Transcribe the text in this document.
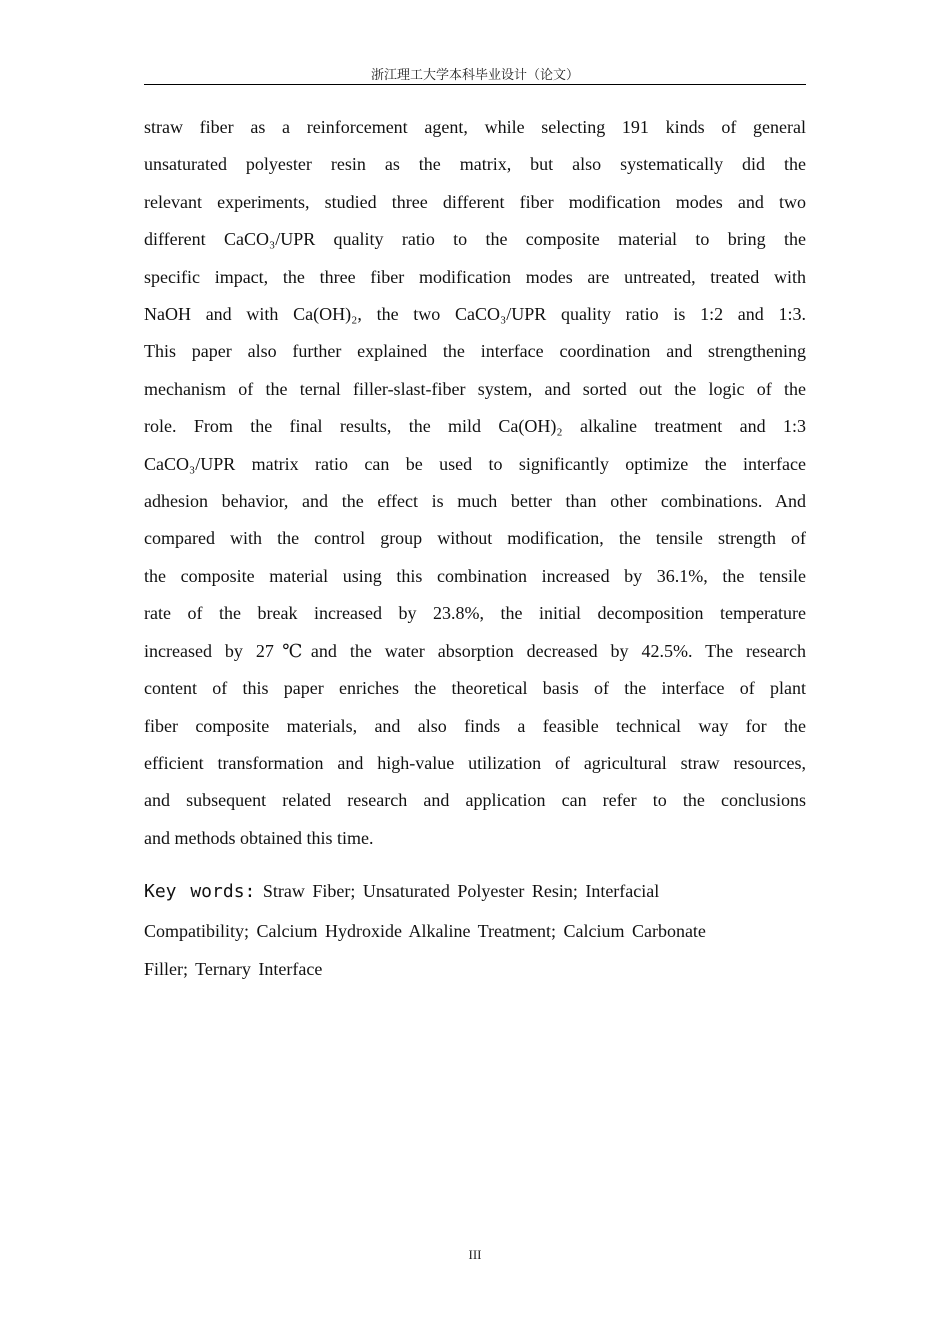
浙江理工大学本科毕业设计（论文）
straw fiber as a reinforcement agent, while selecting 191 kinds of general
unsaturated polyester resin as the matrix, but also systematically did the
relevant experiments, studied three different fiber modification modes and two
different CaCO₃/UPR quality ratio to the composite material to bring the
specific impact, the three fiber modification modes are untreated, treated with
NaOH and with Ca(OH)₂, the two CaCO₃/UPR quality ratio is 1:2 and 1:3.
This paper also further explained the interface coordination and strengthening
mechanism of the ternal filler-slast-fiber system, and sorted out the logic of the
role. From the final results, the mild Ca(OH)₂ alkaline treatment and 1:3
CaCO₃/UPR matrix ratio can be used to significantly optimize the interface
adhesion behavior, and the effect is much better than other combinations. And
compared with the control group without modification, the tensile strength of
the composite material using this combination increased by 36.1%, the tensile
rate of the break increased by 23.8%, the initial decomposition temperature
increased by 27℃and the water absorption decreased by 42.5%. The research
content of this paper enriches the theoretical basis of the interface of plant
fiber composite materials, and also finds a feasible technical way for the
efficient transformation and high-value utilization of agricultural straw resources,
and subsequent related research and application can refer to the conclusions
and methods obtained this time.
Key words: Straw Fiber; Unsaturated Polyester Resin; Interfacial
Compatibility; Calcium Hydroxide Alkaline Treatment; Calcium Carbonate
Filler; Ternary Interface
III
